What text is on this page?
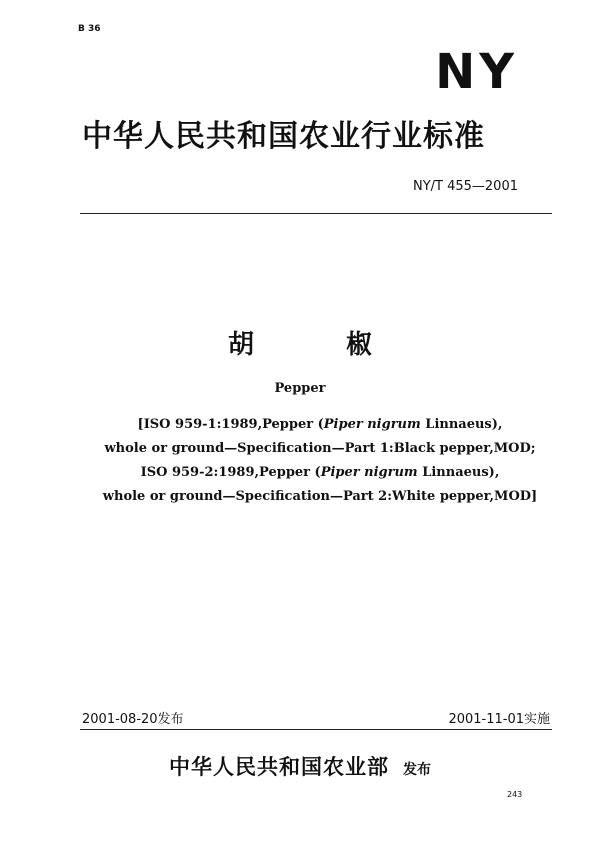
B 36
NY
中华人民共和国农业行业标准
NY/T 455—2001
胡椒
Pepper
[ISO 959-1:1989,Pepper (Piper nigrum Linnaeus),
whole or ground—Specification—Part 1:Black pepper,MOD;
ISO 959-2:1989,Pepper (Piper nigrum Linnaeus),
whole or ground—Specification—Part 2:White pepper,MOD]
2001-08-20发布	2001-11-01实施
中华人民共和国农业部 发布
243
